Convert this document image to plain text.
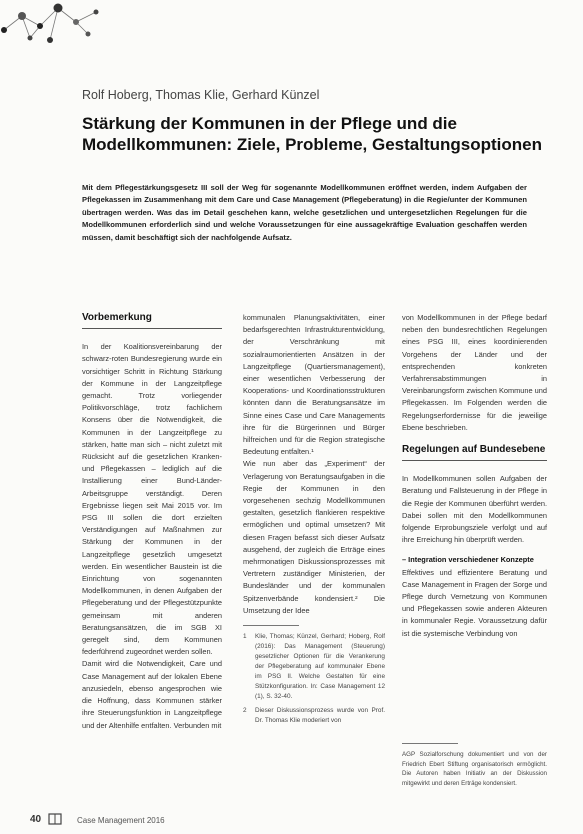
Rolf Hoberg, Thomas Klie, Gerhard Künzel
Stärkung der Kommunen in der Pflege und die Modellkommunen: Ziele, Probleme, Gestaltungsoptionen
Mit dem Pflegestärkungsgesetz III soll der Weg für sogenannte Modellkommunen eröffnet werden, indem Aufgaben der Pflegekassen im Zusammenhang mit dem Care und Case Management (Pflegeberatung) in die Regie/unter der Kommunen übertragen werden. Was das im Detail geschehen kann, welche gesetzlichen und untergesetzlichen Regelungen für die Modellkommunen erforderlich sind und welche Voraussetzungen für eine aussagekräftige Evaluation geschaffen werden müssen, damit beschäftigt sich der nachfolgende Aufsatz.
Vorbemerkung

In der Koalitionsvereinbarung der schwarz-roten Bundesregierung wurde ein vorsichtiger Schritt in Richtung Stärkung der Kommune in der Langzeitpflege gemacht. Trotz vorliegender Politikvorschläge, trotz fachlichem Konsens über die Notwendigkeit, die Kommunen in der Langzeitpflege zu stärken, hatte man sich – nicht zuletzt mit Rücksicht auf die gesetzlichen Kranken- und Pflegekassen – lediglich auf die Installierung einer Bund-Länder-Arbeitsgruppe verständigt. Deren Ergebnisse liegen seit Mai 2015 vor. Im PSG III sollen die dort erzielten Verständigungen auf Maßnahmen zur Stärkung der Kommunen in der Langzeitpflege gesetzlich umgesetzt werden. Ein wesentlicher Baustein ist die Einrichtung von sogenannten Modellkommunen, in denen Aufgaben der Pflegeberatung und der Pflegestützpunkte gemeinsam mit anderen Beratungsansätzen, die im SGB XI geregelt sind, dem Kommunen federführend zugeordnet werden sollen.

Damit wird die Notwendigkeit, Care und Case Management auf der lokalen Ebene anzusiedeln, ebenso angesprochen wie die Hoffnung, dass Kommunen stärker ihre Steuerungsfunktion in Langzeitpflege und der Altenhilfe entfalten. Verbunden mit

kommunalen Planungsaktivitäten, einer bedarfsgerechten Infrastrukturentwicklung, der Verschränkung mit sozialraumorientierten Ansätzen in der Langzeitpflege (Quartiersmanagement), einer wesentlichen Verbesserung der Kooperations- und Koordinationsstrukturen könnten dann die Beratungsansätze im Sinne eines Case und Care Managements ihre für die Bürgerinnen und Bürger hilfreichen und für die Region strategische Bedeutung entfalten.¹

Wie nun aber das „Experiment“ der Verlagerung von Beratungsaufgaben in die Regie der Kommunen in den vorgesehenen sechzig Modellkommunen gestalten, gesetzlich flankieren respektive ermöglichen und optimal umsetzen? Mit diesen Fragen befasst sich dieser Aufsatz ausgehend, der zugleich die Erträge eines mehrmonatigen Diskussionsprozesses mit Vertretern zuständiger Ministerien, der Bundesländer und der kommunalen Spitzenverbände kondensiert.² Die Umsetzung der Idee

1	Klie, Thomas; Künzel, Gerhard; Hoberg, Rolf (2016): Das Management (Steuerung) gesetzlicher Optionen für die Verankerung der Pflegeberatung auf kommunaler Ebene im PSG II. Welche Gestalten für eine Stützkonfiguration. In: Case Management 12 (1), S. 32-40.
2	Dieser Diskussionsprozess wurde von Prof. Dr. Thomas Klie moderiert von

von Modellkommunen in der Pflege bedarf neben den bundesrechtlichen Regelungen eines PSG III, eines koordinierenden Vorgehens der Länder und der entsprechenden konkreten Verfahrensabstimmungen in Vereinbarungsform zwischen Kommune und Pflegekassen. Im Folgenden werden die Regelungserfordernisse für die jeweilige Ebene beschrieben.

Regelungen auf Bundesebene

In Modellkommunen sollen Aufgaben der Beratung und Fallsteuerung in der Pflege in die Regie der Kommunen überführt werden. Dabei sollen mit den Modellkommunen folgende Erprobungsziele verfolgt und auf ihre Erreichung hin überprüft werden.

– Integration verschiedener Konzepte

Effektives und effizientere Beratung und Case Management in Fragen der Sorge und Pflege durch Vernetzung von Kommunen und Pflegekassen sowie anderen Akteuren in kommunaler Regie. Voraussetzung dafür ist die systemische Verbindung von

AGP Sozialforschung dokumentiert und von der Friedrich Ebert Stiftung organisatorisch ermöglicht. Die Autoren haben Initiativ an der Diskussion mitgewirkt und deren Erträge kondensiert.
40	Case Management 2016
